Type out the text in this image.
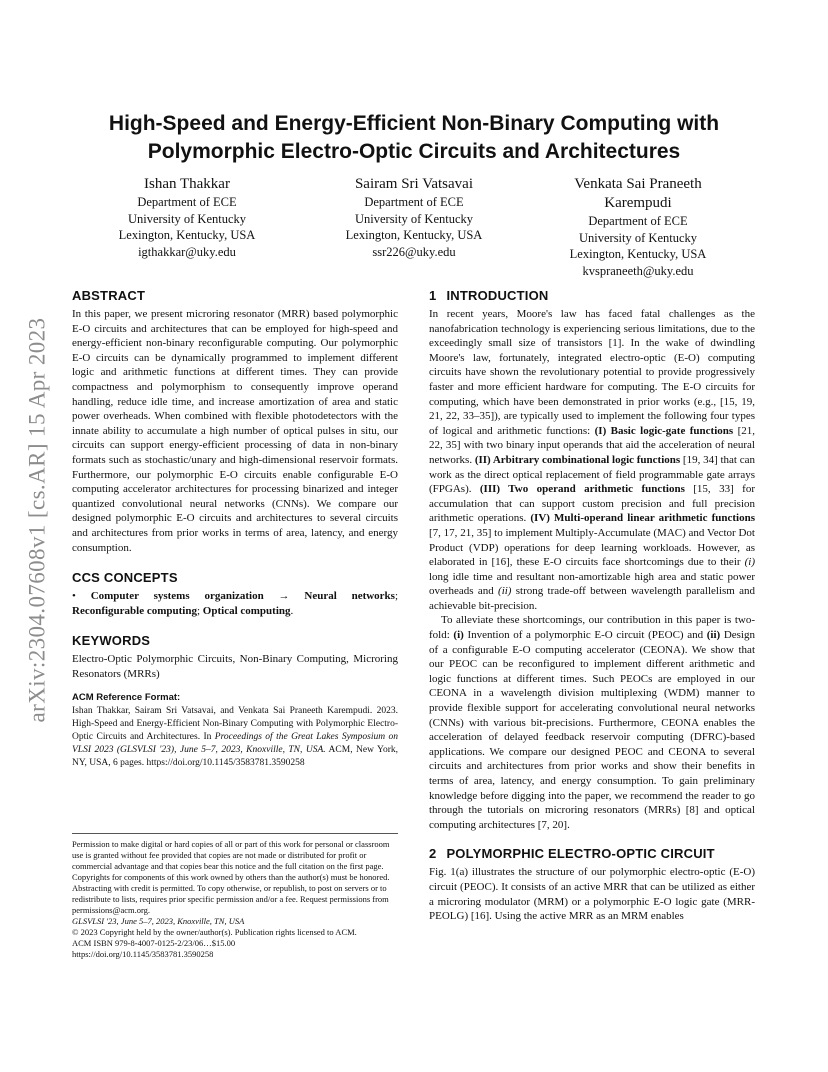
arXiv:2304.07608v1 [cs.AR] 15 Apr 2023
High-Speed and Energy-Efficient Non-Binary Computing with
Polymorphic Electro-Optic Circuits and Architectures
Ishan Thakkar
Department of ECE
University of Kentucky
Lexington, Kentucky, USA
igthakkar@uky.edu
Sairam Sri Vatsavai
Department of ECE
University of Kentucky
Lexington, Kentucky, USA
ssr226@uky.edu
Venkata Sai Praneeth
Karempudi
Department of ECE
University of Kentucky
Lexington, Kentucky, USA
kvspraneeth@uky.edu
ABSTRACT

In this paper, we present microring resonator (MRR) based polymorphic E-O circuits and architectures that can be employed for high-speed and energy-efficient non-binary reconfigurable computing. Our polymorphic E-O circuits can be dynamically programmed to implement different logic and arithmetic functions at different times. They can provide compactness and polymorphism to consequently improve operand handling, reduce idle time, and increase amortization of area and static power overheads. When combined with flexible photodetectors with the innate ability to accumulate a high number of optical pulses in situ, our circuits can support energy-efficient processing of data in non-binary formats such as stochastic/unary and high-dimensional reservoir formats. Furthermore, our polymorphic E-O circuits enable configurable E-O computing accelerator architectures for processing binarized and integer quantized convolutional neural networks (CNNs). We compare our designed polymorphic E-O circuits and architectures to several circuits and architectures from prior works in terms of area, latency, and energy consumption.

CCS CONCEPTS

• Computer systems organization → Neural networks; Reconfigurable computing; Optical computing.

KEYWORDS

Electro-Optic Polymorphic Circuits, Non-Binary Computing, Microring Resonators (MRRs)

ACM Reference Format:

Ishan Thakkar, Sairam Sri Vatsavai, and Venkata Sai Praneeth Karempudi. 2023. High-Speed and Energy-Efficient Non-Binary Computing with Polymorphic Electro-Optic Circuits and Architectures. In Proceedings of the Great Lakes Symposium on VLSI 2023 (GLSVLSI '23), June 5–7, 2023, Knoxville, TN, USA. ACM, New York, NY, USA, 6 pages. https://doi.org/10.1145/3583781.3590258

Permission to make digital or hard copies of all or part of this work for personal or classroom use is granted without fee provided that copies are not made or distributed for profit or commercial advantage and that copies bear this notice and the full citation on the first page. Copyrights for components of this work owned by others than the author(s) must be honored. Abstracting with credit is permitted. To copy otherwise, or republish, to post on servers or to redistribute to lists, requires prior specific permission and/or a fee. Request permissions from permissions@acm.org.
GLSVLSI '23, June 5–7, 2023, Knoxville, TN, USA
© 2023 Copyright held by the owner/author(s). Publication rights licensed to ACM.
ACM ISBN 979-8-4007-0125-2/23/06…$15.00
https://doi.org/10.1145/3583781.3590258
1 INTRODUCTION

In recent years, Moore's law has faced fatal challenges as the nanofabrication technology is experiencing serious limitations, due to the exceedingly small size of transistors [1]. In the wake of dwindling Moore's law, fortunately, integrated electro-optic (E-O) computing circuits have shown the revolutionary potential to provide progressively faster and more efficient hardware for computing. The E-O circuits for computing, which have been demonstrated in prior works (e.g., [15, 19, 21, 22, 33–35]), are typically used to implement the following four types of logical and arithmetic functions: (I) Basic logic-gate functions [21, 22, 35] with two binary input operands that aid the acceleration of neural networks. (II) Arbitrary combinational logic functions [19, 34] that can work as the direct optical replacement of field programmable gate arrays (FPGAs). (III) Two operand arithmetic functions [15, 33] for accumulation that can support custom precision and full precision arithmetic operations. (IV) Multi-operand linear arithmetic functions [7, 17, 21, 35] to implement Multiply-Accumulate (MAC) and Vector Dot Product (VDP) operations for deep learning workloads. However, as elaborated in [16], these E-O circuits face shortcomings due to their (i) long idle time and resultant non-amortizable high area and static power overheads and (ii) strong trade-off between wavelength parallelism and achievable bit-precision.

To alleviate these shortcomings, our contribution in this paper is two-fold: (i) Invention of a polymorphic E-O circuit (PEOC) and (ii) Design of a configurable E-O computing accelerator (CEONA). We show that our PEOC can be reconfigured to implement different arithmetic and logic functions at different times. Such PEOCs are employed in our CEONA in a wavelength division multiplexing (WDM) manner to provide flexible support for accelerating convolutional neural networks (CNNs) with various bit-precisions. Furthermore, CEONA enables the acceleration of delayed feedback reservoir computing (DFRC)-based applications. We compare our designed PEOC and CEONA to several circuits and architectures from prior works and show their benefits in terms of area, latency, and energy consumption. To gain preliminary knowledge before digging into the paper, we recommend the reader to go through the tutorials on microring resonators (MRRs) [8] and optical computing architectures [7, 20].

2 POLYMORPHIC ELECTRO-OPTIC CIRCUIT

Fig. 1(a) illustrates the structure of our polymorphic electro-optic (E-O) circuit (PEOC). It consists of an active MRR that can be utilized as either a microring modulator (MRM) or a polymorphic E-O logic gate (MRR-PEOLG) [16]. Using the active MRR as an MRM enables
